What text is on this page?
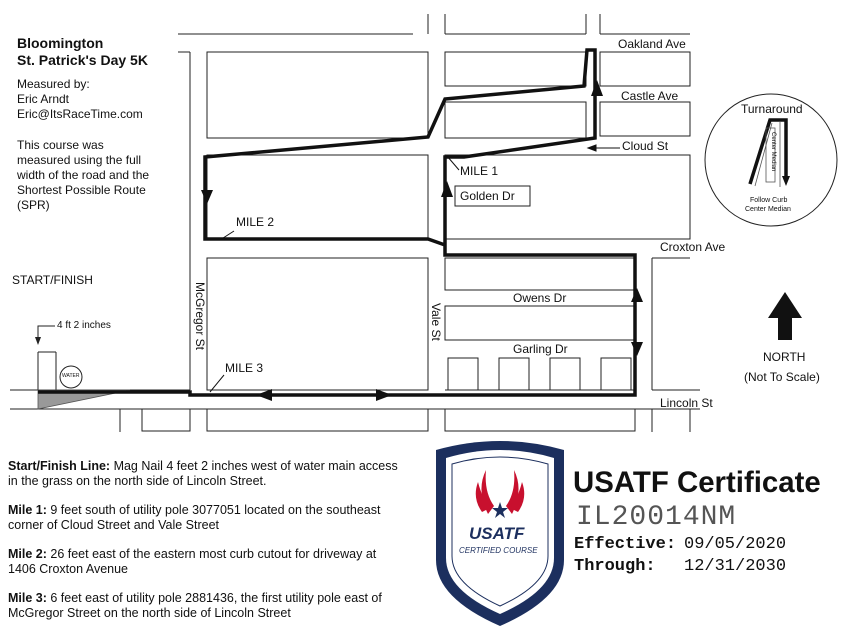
Bloomington
St. Patrick's Day 5K
Measured by:
Eric Arndt
Eric@ItsRaceTime.com
This course was
measured using the full
width of the road and the
Shortest Possible Route
(SPR)
Oakland Ave
Castle Ave
Cloud St
Golden Dr
Croxton Ave
Owens Dr
Garling Dr
Lincoln St
McGregor St	Vale St
MILE 1
MILE 2
MILE 3
START/FINISH
4 ft 2 inches
WATER
Turnaround
Center Median
Follow Curb
Center Median
NORTH
(Not To Scale)

Start/Finish Line: Mag Nail 4 feet 2 inches west of water main access in the grass on the north side of Lincoln Street.

Mile 1: 9 feet south of utility pole 3077051 located on the southeast corner of Cloud Street and Vale Street

Mile 2: 26 feet east of the eastern most curb cutout for driveway at 1406 Croxton Avenue

Mile 3: 6 feet east of utility pole 2881436, the first utility pole east of McGregor Street on the north side of Lincoln Street

USATF
CERTIFIED COURSE
USATF Certificate
IL20014NM
Effective: 09/05/2020
Through: 12/31/2030
